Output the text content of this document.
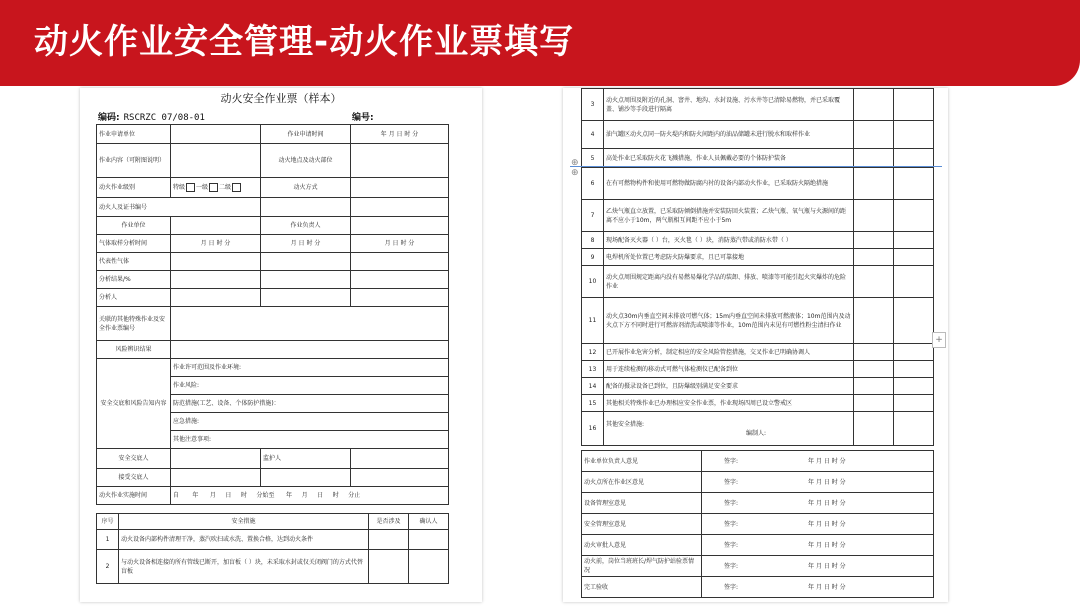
动火作业安全管理-动火作业票填写
动火安全作业票（样本）
编码: RSCRZC 07/08-01	编号:
作业申请单位		作业申请时间	年 月 日 时 分
作业内容（可附图说明）		动火地点及动火部位	
动火作业级别	特级 一级 二级	动火方式	
动火人及证书编号			
作业单位		作业负责人	
气体取样分析时间	月 日 时 分	月 日 时 分	月 日 时 分
代表性气体			
分析结果/%			
分析人			
关联的其他特殊作业及安全作业票编号			
风险辨识结果			
安全交底和风险告知内容	作业许可范围及作业环境:		
	作业风险:		
	防范措施(工艺、设备、个体防护措施)：		
	应急措施:		
	其他注意事项:		
安全交底人		监护人	
接受交底人			
动火作业实施时间	自 年 月 日 时 分始至 年 月 日 时 分止		
序号	安全措施	是否涉及	确认人
1	动火设备内部构件清理干净，蒸汽吹扫或水洗、置换合格，达到动火条件		
2	与动火设备相连接的所有管线已断开，加盲板（ ）块，未采取水封或仅关闭阀门的方式代替盲板		
3	动火点周围及附近的孔洞、窨井、地沟、水封设施、污水井等已清除易燃物，并已采取覆盖、铺沙等手段进行隔离		
4	油气罐区动火点同一防火堤内和防火间距内的油品储罐未进行脱水和取样作业		
5	高处作业已采取防火花飞溅措施，作业人员佩戴必要的个体防护装备		
6	在有可燃物构件和使用可燃物做防腐内衬的设备内部动火作业，已采取防火隔绝措施		
7	乙炔气瓶直立放置，已采取防倾倒措施并安装防回火装置；乙炔气瓶、氧气瓶与火源间的距离不应小于10m，两气瓶相互间距不应小于5m		
8	现场配备灭火器（ ）台，灭火毯（ ）块，消防蒸汽带或消防水带（ ）		
9	电焊机所处位置已考虑防火防爆要求，且已可靠接地		
10	动火点周围规定距离内没有易燃易爆化学品的装卸、排放、喷漆等可能引起火灾爆炸的危险作业		
11	动火点30m内垂直空间未排放可燃气体；15m内垂直空间未排放可燃液体；10m范围内及动火点下方不同时进行可燃溶剂清洗或喷漆等作业，10m范围内未见有可燃性粉尘清扫作业		
12	已开展作业危害分析，制定相应的安全风险管控措施，交叉作业已明确协调人		
13	用于连续检测的移动式可燃气体检测仪已配备到位		
14	配备的摄录设备已到位，且防爆级别满足安全要求		
15	其他相关特殊作业已办理相应安全作业票，作业现场四周已设立警戒区		
16	其他安全措施:
编制人:		
作业单位负责人意见	签字: 年 月 日 时 分
动火点所在作业区意见	签字: 年 月 日 时 分
设备管理室意见	签字: 年 月 日 时 分
安全管理室意见	签字: 年 月 日 时 分
动火审批人意见	签字: 年 月 日 时 分
动火前，岗位当班班长/焊气防护站验票情况	签字: 年 月 日 时 分
完工验收	签字: 年 月 日 时 分
⊕
⊕
+
